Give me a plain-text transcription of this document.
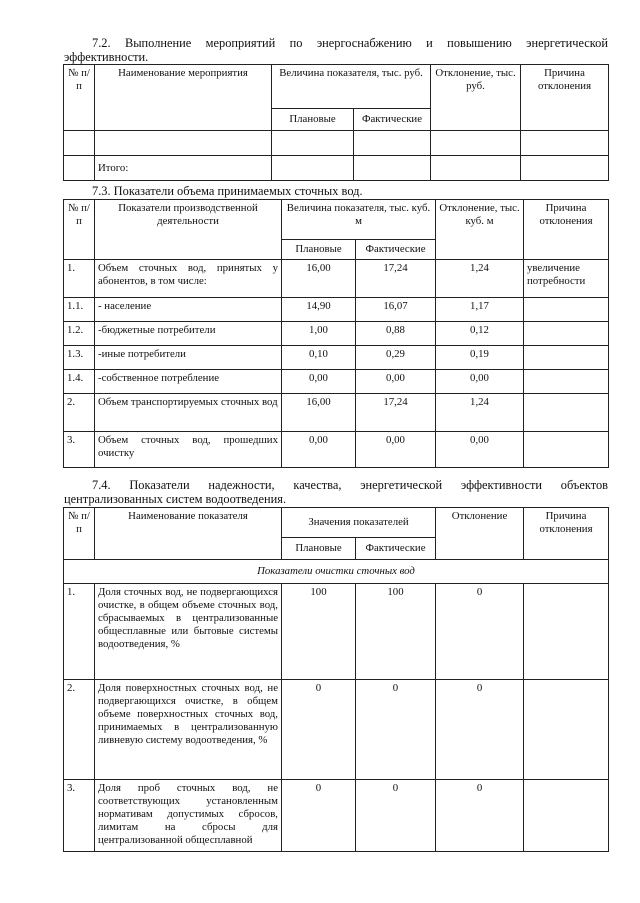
7.2. Выполнение мероприятий по энергоснабжению и повышению энергетической
эффективности.
№ п/п	Наименование мероприятия	Величина показателя, тыс. руб.		Отклонение, тыс. руб.	Причина отклонения
		Плановые	Фактические		

	Итого:				
7.3. Показатели объема принимаемых сточных вод.
№ п/п	Показатели производственной деятельности	Величина показателя, тыс. куб. м		Отклонение, тыс. куб. м	Причина отклонения
		Плановые	Фактические		
1.	Объем сточных вод, принятых у абонентов, в том числе:	16,00	17,24	1,24	увеличение потребности
1.1.	- население	14,90	16,07	1,17	
1.2.	-бюджетные потребители	1,00	0,88	0,12	
1.3.	-иные потребители	0,10	0,29	0,19	
1.4.	-собственное потребление	0,00	0,00	0,00	
2.	Объем транспортируемых сточных вод	16,00	17,24	1,24	
3.	Объем сточных вод, прошедших очистку	0,00	0,00	0,00	
7.4. Показатели надежности, качества, энергетической эффективности объектов
централизованных систем водоотведения.
№ п/п	Наименование показателя	Значения показателей		Отклонение	Причина отклонения
		Плановые	Фактические		
Показатели очистки сточных вод					
1.	Доля сточных вод, не подвергающихся очистке, в общем объеме сточных вод, сбрасываемых в централизованные общесплавные или бытовые системы водоотведения, %	100	100	0	
2.	Доля поверхностных сточных вод, не подвергающихся очистке, в общем объеме поверхностных сточных вод, принимаемых в централизованную ливневую систему водоотведения, %	0	0	0	
3.	Доля проб сточных вод, не соответствующих установленным нормативам допустимых сбросов, лимитам на сбросы для централизованной общесплавной	0	0	0	
